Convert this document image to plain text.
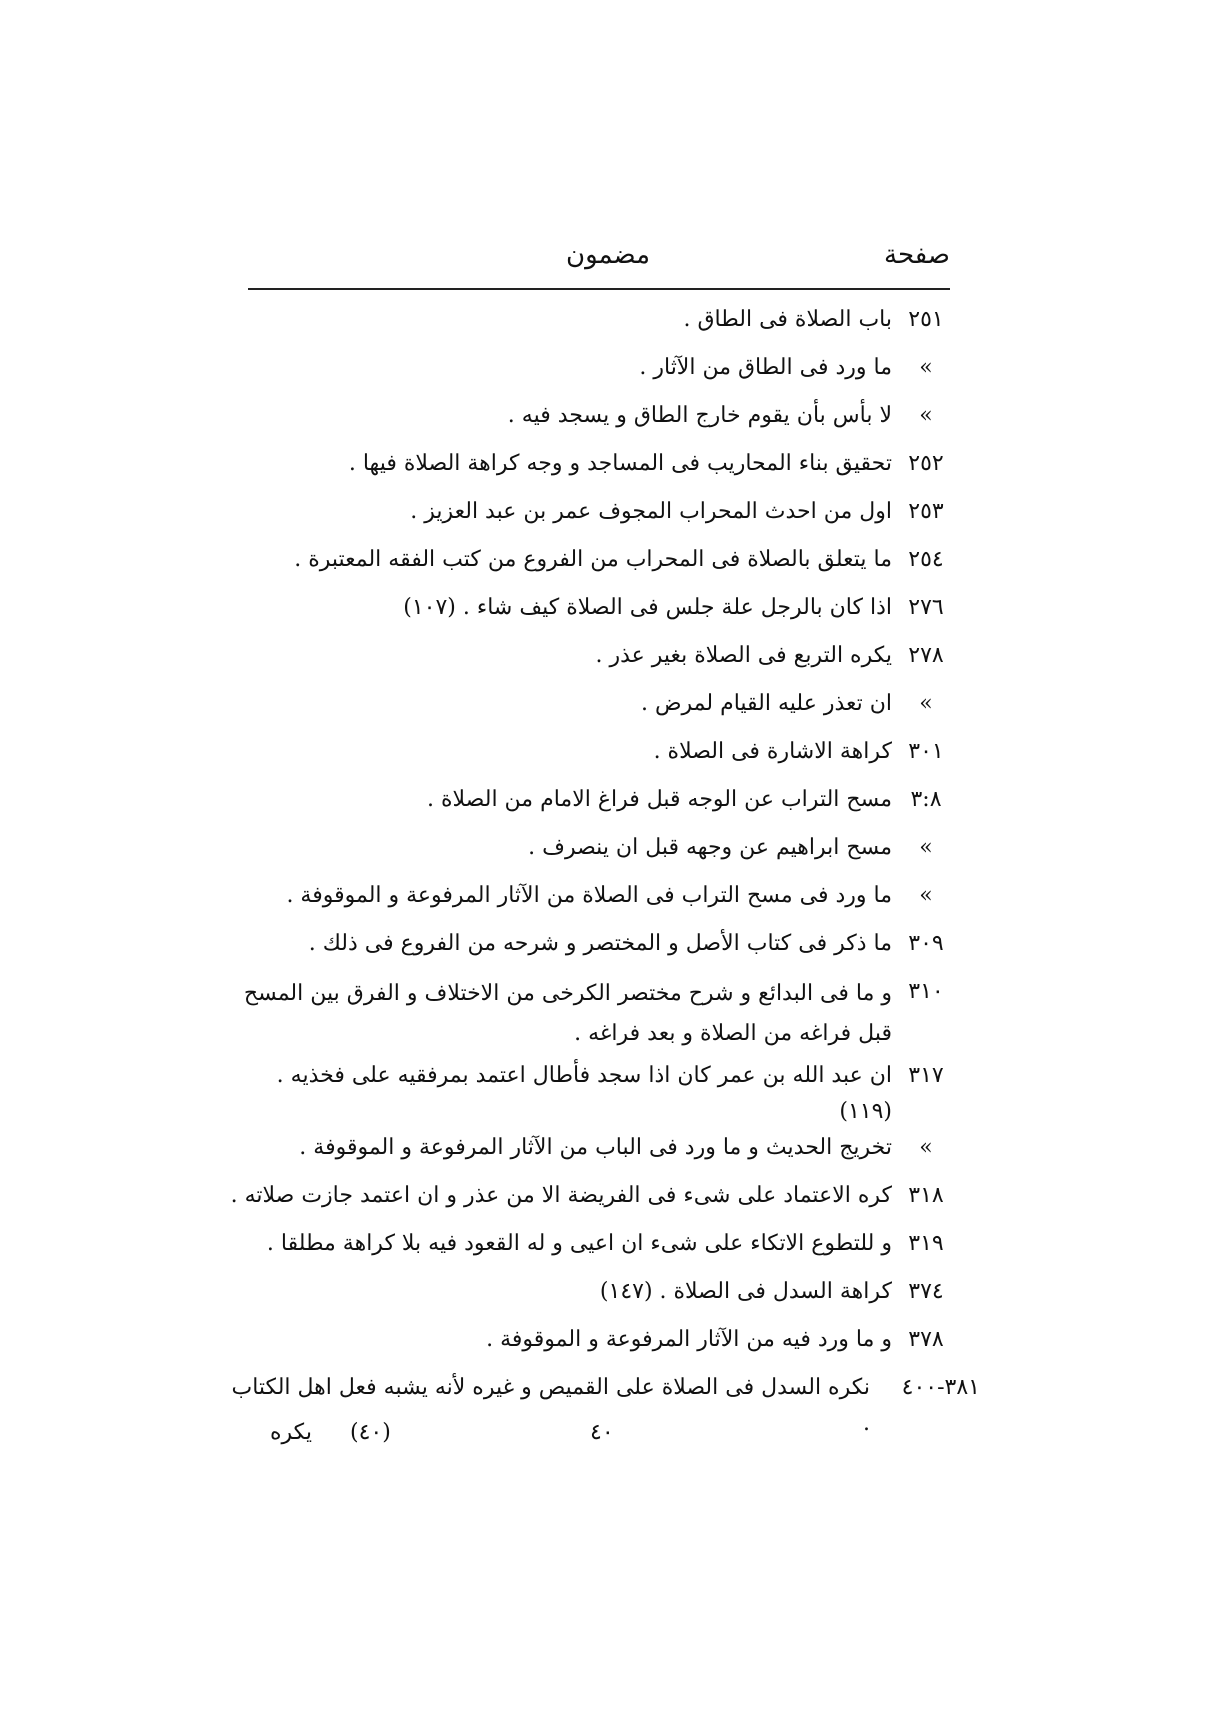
صفحة
مضمون
٢٥١
باب الصلاة فى الطاق .
»
ما ورد فى الطاق من الآثار .
»
لا بأس بأن يقوم خارج الطاق و يسجد فيه .
٢٥٢
تحقيق بناء المحاريب فى المساجد و وجه كراهة الصلاة فيها .
٢٥٣
اول من احدث المحراب المجوف عمر بن عبد العزيز .
٢٥٤
ما يتعلق بالصلاة فى المحراب من الفروع من كتب الفقه المعتبرة .
٢٧٦
اذا كان بالرجل علة جلس فى الصلاة كيف شاء . (١٠٧)
٢٧٨
يكره التربع فى الصلاة بغير عذر .
»
ان تعذر عليه القيام لمرض .
٣٠١
كراهة الاشارة فى الصلاة .
٣:٨
مسح التراب عن الوجه قبل فراغ الامام من الصلاة .
»
مسح ابراهيم عن وجهه قبل ان ينصرف .
»
ما ورد فى مسح التراب فى الصلاة من الآثار المرفوعة و الموقوفة .
٣٠٩
ما ذكر فى كتاب الأصل و المختصر و شرحه من الفروع فى ذلك .
٣١٠
و ما فى البدائع و شرح مختصر الكرخى من الاختلاف و الفرق بين المسح قبل فراغه من الصلاة و بعد فراغه .
٣١٧
ان عبد الله بن عمر كان اذا سجد فأطال اعتمد بمرفقيه على فخذيه . (١١٩)
»
تخريج الحديث و ما ورد فى الباب من الآثار المرفوعة و الموقوفة .
٣١٨
كره الاعتماد على شىء فى الفريضة الا من عذر و ان اعتمد جازت صلاته .
٣١٩
و للتطوع الاتكاء على شىء ان اعيى و له القعود فيه بلا كراهة مطلقا .
٣٧٤
كراهة السدل فى الصلاة . (١٤٧)
٣٧٨
و ما ورد فيه من الآثار المرفوعة و الموقوفة .
٣٨١-٤٠٠
نكره السدل فى الصلاة على القميص و غيره لأنه يشبه فعل اهل الكتاب .
٤٠
(٤٠)
يكره
